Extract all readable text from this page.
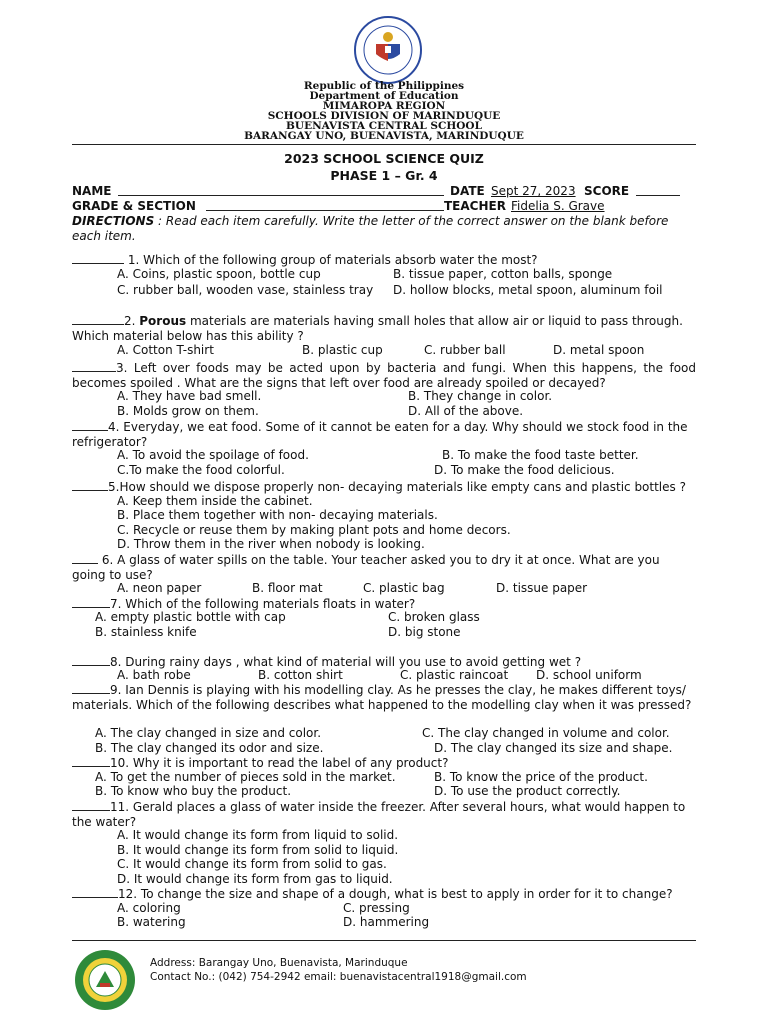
Republic of the Philippines
Department of Education
MIMAROPA REGION
SCHOOLS DIVISION OF MARINDUQUE
BUENAVISTA CENTRAL SCHOOL
BARANGAY UNO, BUENAVISTA, MARINDUQUE
2023 SCHOOL SCIENCE QUIZ
PHASE 1 – Gr. 4
NAME	DATE Sept 27, 2023 SCORE
GRADE & SECTION	TEACHER Fidelia S. Grave
DIRECTIONS : Read each item carefully. Write the letter of the correct answer on the blank before each item.
1. Which of the following group of materials absorb water the most?
A. Coins, plastic spoon, bottle cup	B. tissue paper, cotton balls, sponge
C. rubber ball, wooden vase, stainless tray D. hollow blocks, metal spoon, aluminum foil
2. Porous materials are materials having small holes that allow air or liquid to pass through. Which material below has this ability ?
A. Cotton T-shirt	B. plastic cup	C. rubber ball	D. metal spoon
3. Left over foods may be acted upon by bacteria and fungi. When this happens, the food becomes spoiled . What are the signs that left over food are already spoiled or decayed?
A. They have bad smell.	B. They change in color.
B. Molds grow on them.	D. All of the above.
4. Everyday, we eat food. Some of it cannot be eaten for a day. Why should we stock food in the refrigerator?
A. To avoid the spoilage of food.	B. To make the food taste better.
C.To make the food colorful.	D. To make the food delicious.
5.How should we dispose properly non- decaying materials like empty cans and plastic bottles ?
A. Keep them inside the cabinet.
B. Place them together with non- decaying materials.
C. Recycle or reuse them by making plant pots and home decors.
D. Throw them in the river when nobody is looking.
6. A glass of water spills on the table. Your teacher asked you to dry it at once. What are you going to use?
A. neon paper	B. floor mat	C. plastic bag	D. tissue paper
7. Which of the following materials floats in water?
A. empty plastic bottle with cap	C. broken glass
B. stainless knife	D. big stone
8. During rainy days , what kind of material will you use to avoid getting wet ?
A. bath robe	B. cotton shirt	C. plastic raincoat D. school uniform
9. Ian Dennis is playing with his modelling clay. As he presses the clay, he makes different toys/ materials. Which of the following describes what happened to the modelling clay when it was pressed?
A. The clay changed in size and color.	C. The clay changed in volume and color.
B. The clay changed its odor and size.	D. The clay changed its size and shape.
10. Why it is important to read the label of any product?
A. To get the number of pieces sold in the market.	B. To know the price of the product.
B. To know who buy the product.	D. To use the product correctly.
11. Gerald places a glass of water inside the freezer. After several hours, what would happen to the water?
A. It would change its form from liquid to solid.
B. It would change its form from solid to liquid.
C. It would change its form from solid to gas.
D. It would change its form from gas to liquid.
12. To change the size and shape of a dough, what is best to apply in order for it to change?
A. coloring	C. pressing
B. watering	D. hammering
Address: Barangay Uno, Buenavista, Marinduque
Contact No.: (042) 754-2942 email: buenavistacentral1918@gmail.com
